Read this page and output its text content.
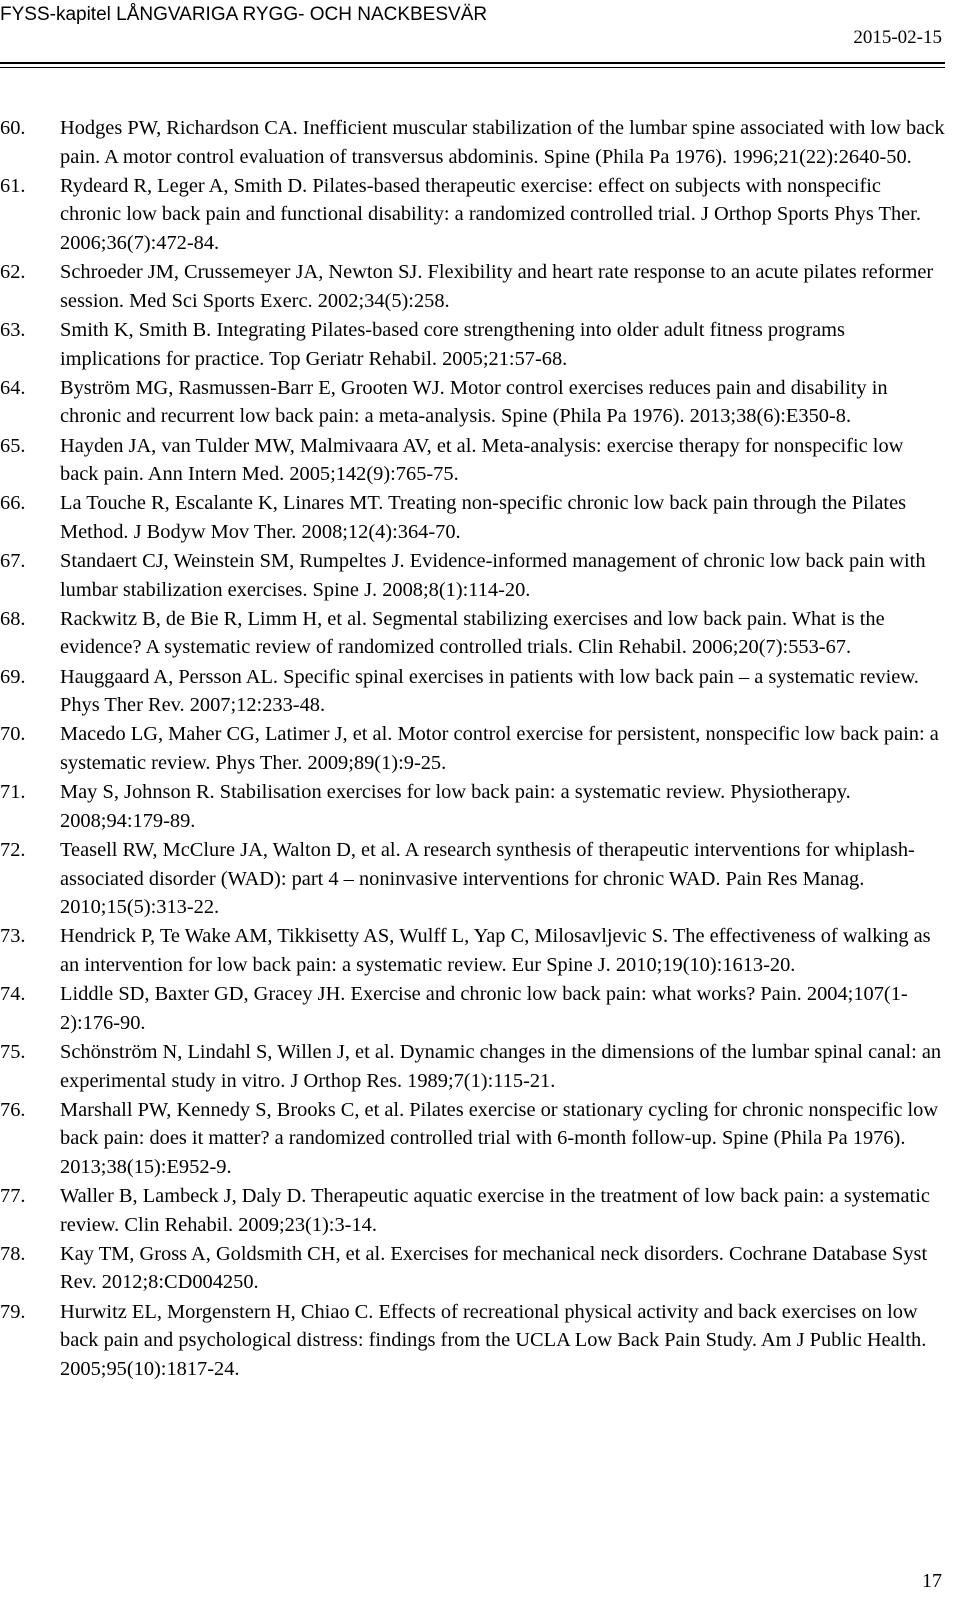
FYSS-kapitel LÅNGVARIGA RYGG- OCH NACKBESVÄR
2015-02-15
60.	Hodges PW, Richardson CA. Inefficient muscular stabilization of the lumbar spine associated with low back pain. A motor control evaluation of transversus abdominis. Spine (Phila Pa 1976). 1996;21(22):2640-50.
61.	Rydeard R, Leger A, Smith D. Pilates-based therapeutic exercise: effect on subjects with nonspecific chronic low back pain and functional disability: a randomized controlled trial. J Orthop Sports Phys Ther. 2006;36(7):472-84.
62.	Schroeder JM, Crussemeyer JA, Newton SJ. Flexibility and heart rate response to an acute pilates reformer session. Med Sci Sports Exerc. 2002;34(5):258.
63.	Smith K, Smith B. Integrating Pilates-based core strengthening into older adult fitness programs implications for practice. Top Geriatr Rehabil. 2005;21:57-68.
64.	Byström MG, Rasmussen-Barr E, Grooten WJ. Motor control exercises reduces pain and disability in chronic and recurrent low back pain: a meta-analysis. Spine (Phila Pa 1976). 2013;38(6):E350-8.
65.	Hayden JA, van Tulder MW, Malmivaara AV, et al. Meta-analysis: exercise therapy for nonspecific low back pain. Ann Intern Med. 2005;142(9):765-75.
66.	La Touche R, Escalante K, Linares MT. Treating non-specific chronic low back pain through the Pilates Method. J Bodyw Mov Ther. 2008;12(4):364-70.
67.	Standaert CJ, Weinstein SM, Rumpeltes J. Evidence-informed management of chronic low back pain with lumbar stabilization exercises. Spine J. 2008;8(1):114-20.
68.	Rackwitz B, de Bie R, Limm H, et al. Segmental stabilizing exercises and low back pain. What is the evidence? A systematic review of randomized controlled trials. Clin Rehabil. 2006;20(7):553-67.
69.	Hauggaard A, Persson AL. Specific spinal exercises in patients with low back pain – a systematic review. Phys Ther Rev. 2007;12:233-48.
70.	Macedo LG, Maher CG, Latimer J, et al. Motor control exercise for persistent, nonspecific low back pain: a systematic review. Phys Ther. 2009;89(1):9-25.
71.	May S, Johnson R. Stabilisation exercises for low back pain: a systematic review. Physiotherapy. 2008;94:179-89.
72.	Teasell RW, McClure JA, Walton D, et al. A research synthesis of therapeutic interventions for whiplash-associated disorder (WAD): part 4 – noninvasive interventions for chronic WAD. Pain Res Manag. 2010;15(5):313-22.
73.	Hendrick P, Te Wake AM, Tikkisetty AS, Wulff L, Yap C, Milosavljevic S. The effectiveness of walking as an intervention for low back pain: a systematic review. Eur Spine J. 2010;19(10):1613-20.
74.	Liddle SD, Baxter GD, Gracey JH. Exercise and chronic low back pain: what works? Pain. 2004;107(1-2):176-90.
75.	Schönström N, Lindahl S, Willen J, et al. Dynamic changes in the dimensions of the lumbar spinal canal: an experimental study in vitro. J Orthop Res. 1989;7(1):115-21.
76.	Marshall PW, Kennedy S, Brooks C, et al. Pilates exercise or stationary cycling for chronic nonspecific low back pain: does it matter? a randomized controlled trial with 6-month follow-up. Spine (Phila Pa 1976). 2013;38(15):E952-9.
77.	Waller B, Lambeck J, Daly D. Therapeutic aquatic exercise in the treatment of low back pain: a systematic review. Clin Rehabil. 2009;23(1):3-14.
78.	Kay TM, Gross A, Goldsmith CH, et al. Exercises for mechanical neck disorders. Cochrane Database Syst Rev. 2012;8:CD004250.
79.	Hurwitz EL, Morgenstern H, Chiao C. Effects of recreational physical activity and back exercises on low back pain and psychological distress: findings from the UCLA Low Back Pain Study. Am J Public Health. 2005;95(10):1817-24.
17
